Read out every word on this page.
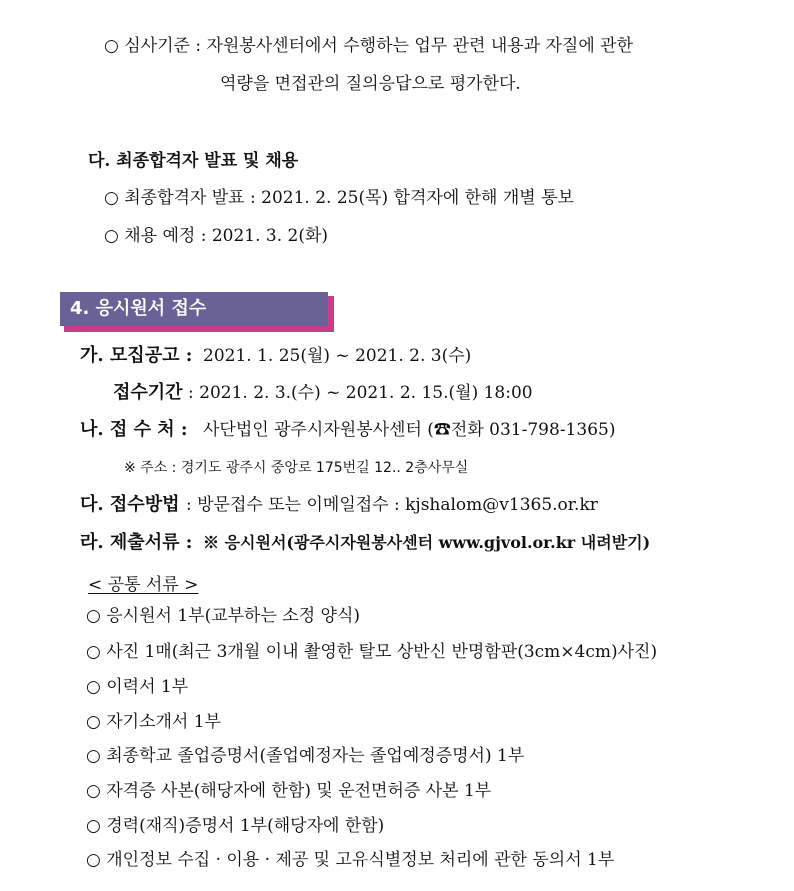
○ 심사기준 : 자원봉사센터에서 수행하는 업무 관련 내용과 자질에 관한
역량을 면접관의 질의응답으로 평가한다.
다. 최종합격자 발표 및 채용
○ 최종합격자 발표 : 2021. 2. 25(목) 합격자에 한해 개별 통보
○ 채용 예정 : 2021. 3. 2(화)
4. 응시원서 접수
가. 모집공고 : 2021. 1. 25(월) ~ 2021. 2. 3(수)
접수기간 : 2021. 2. 3.(수) ~ 2021. 2. 15.(월) 18:00
나. 접 수 처 : 사단법인 광주시자원봉사센터 (☎전화 031-798-1365)
※ 주소 : 경기도 광주시 중앙로 175번길 12.. 2층사무실
다. 접수방법 : 방문접수 또는 이메일접수 : kjshalom@v1365.or.kr
라. 제출서류 : ※ 응시원서(광주시자원봉사센터 www.gjvol.or.kr 내려받기)
< 공통 서류 >
○ 응시원서 1부(교부하는 소정 양식)
○ 사진 1매(최근 3개월 이내 촬영한 탈모 상반신 반명함판(3cm×4cm)사진)
○ 이력서 1부
○ 자기소개서 1부
○ 최종학교 졸업증명서(졸업예정자는 졸업예정증명서) 1부
○ 자격증 사본(해당자에 한함) 및 운전면허증 사본 1부
○ 경력(재직)증명서 1부(해당자에 한함)
○ 개인정보 수집 · 이용 · 제공 및 고유식별정보 처리에 관한 동의서 1부
